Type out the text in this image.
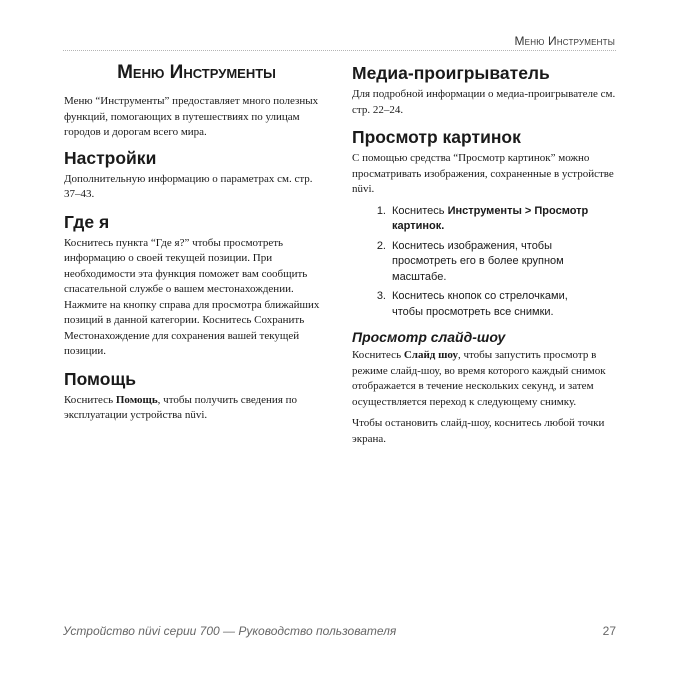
Меню Инструменты
Меню Инструменты

Меню “Инструменты” предоставляет много полезных функций, помогающих в путешествиях по улицам городов и дорогам всего мира.

Настройки

Дополнительную информацию о параметрах см. стр. 37–43.

Где я

Коснитесь пункта “Где я?” чтобы просмотреть информацию о своей текущей позиции. При необходимости эта функция поможет вам сообщить спасательной службе о вашем местонахождении. Нажмите на кнопку справа для просмотра ближайших позиций в данной категории. Коснитесь Сохранить Местонахождение для сохранения вашей текущей позиции.

Помощь

Коснитесь Помощь, чтобы получить сведения по эксплуатации устройства nüvi.

Медиа-проигрыватель

Для подробной информации о медиа-проигрывателе см. стр. 22–24.

Просмотр картинок

С помощью средства “Просмотр картинок” можно просматривать изображения, сохраненные в устройстве nüvi.

1. Коснитесь Инструменты > Просмотр картинок.
2. Коснитесь изображения, чтобы просмотреть его в более крупном масштабе.
3. Коснитесь кнопок со стрелочками, чтобы просмотреть все снимки.
Просмотр слайд-шоу

Коснитесь Слайд шоу, чтобы запустить просмотр в режиме слайд-шоу, во время которого каждый снимок отображается в течение нескольких секунд, и затем осуществляется переход к следующему снимку.

Чтобы остановить слайд-шоу, коснитесь любой точки экрана.

Устройство nüvi серии 700 — Руководство пользователя	27
